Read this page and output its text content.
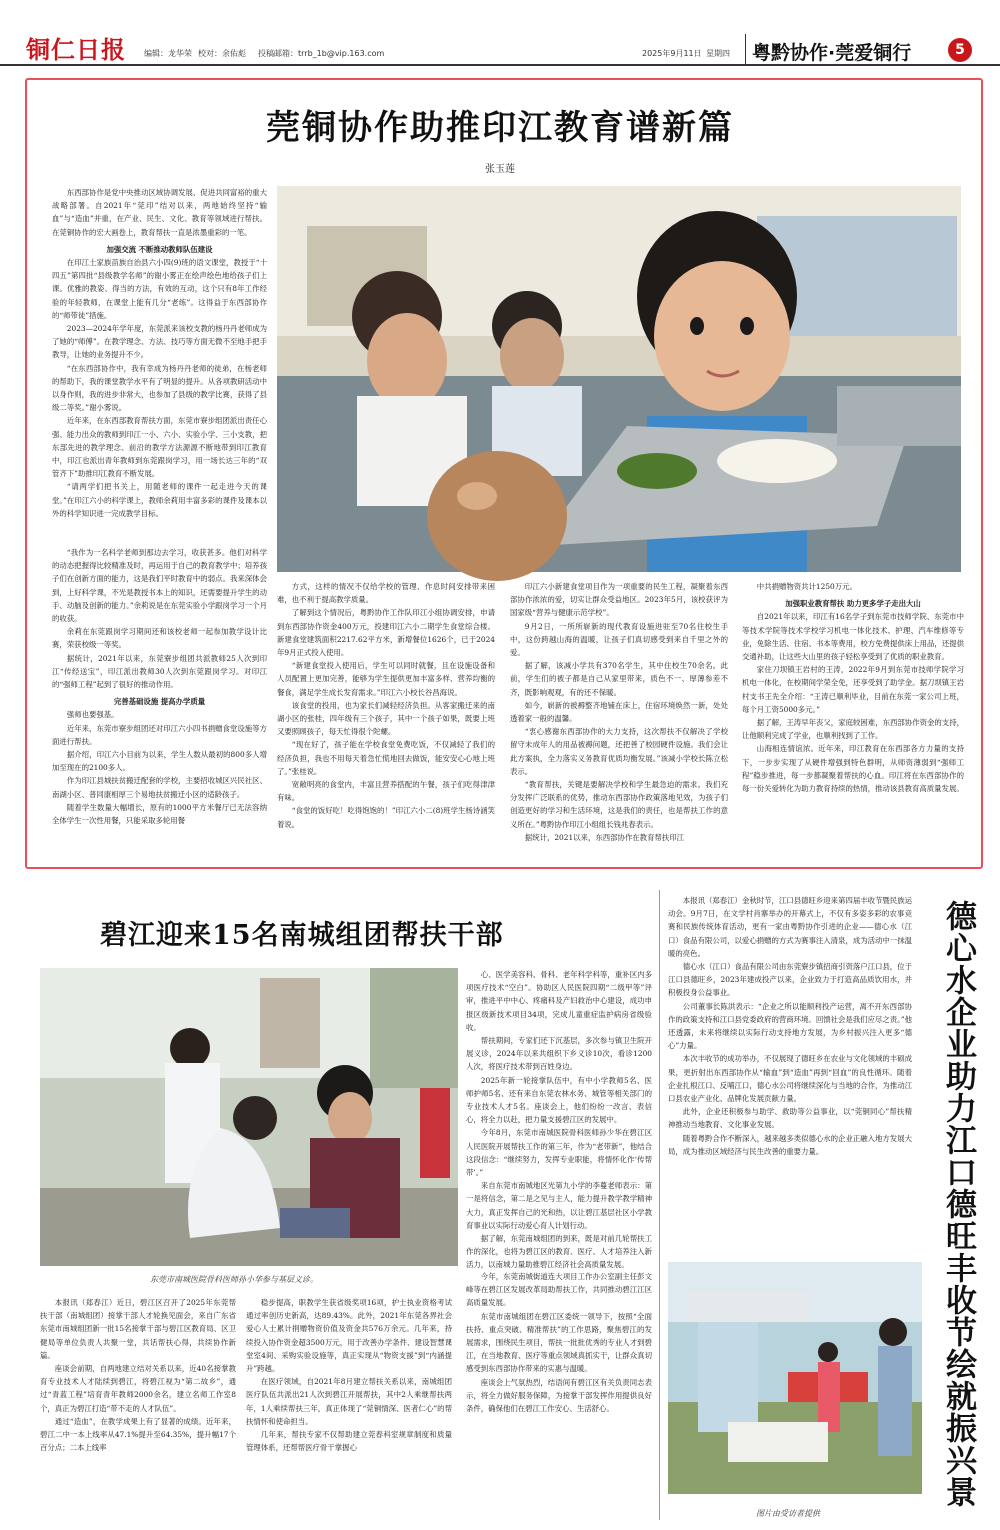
铜仁日报 编辑：龙华荣 校对：余佑彪 投稿邮箱：trrb_1b@vip.163.com	2025年9月11日 星期四 粤黔协作·莞爱铜行	5
莞铜协作助推印江教育谱新篇
张玉莲

东西部协作是党中央推动区域协调发展、促进共同富裕的重大战略部署。自2021年“莞印”结对以来，两地始终坚持“输血”与“造血”并重，在产业、民生、文化、教育等领域进行帮扶。在莞铜协作的宏大画卷上，教育帮扶一直是浓墨重彩的一笔。

加强交流 不断推动教师队伍建设

在印江土家族苗族自治县六小四(9)班的语文课堂，教授于“十四五”第四批“县级教学名师”的谢小雾正在绘声绘色地给孩子们上课。优雅的教姿、得当的方法，有效的互动，这个只有8年工作经验的年轻教师，在课堂上能有几分“老练”。这得益于东西部协作的“师带徒”措施。

2023—2024年学年度，东莞派来该校支教的杨丹丹老师成为了她的“师傅”。在教学理念、方法、技巧等方面无微不至地手把手教导，让她的业务提升不少。

“在东西部协作中，我有幸成为杨丹丹老师的徒弟，在杨老师的帮助下，我的课堂教学水平有了明显的提升。从各项教研活动中以身作则，我的进步非常大，也参加了县级的教学比赛，获得了县级二等奖。”谢小雾说。

近年来，在东西部教育帮扶方面，东莞市寮步组团派出责任心强、能力出众的教师到印江一小、六小、实验小学、三小支教，把东部先进的教学理念、前沿的教学方法源源不断地带到印江教育中，印江也派出青年教师到东莞跟岗学习，用一场长达三年的“双管齐下”助推印江教育不断发展。

“请两学们把书关上，用随老师的课件一起走进今天的课堂。”在印江六小的科学课上，教师余莉用丰富多彩的课件及课本以外的科学知识进一完成教学目标。

“我作为一名科学老师到那边去学习，收获甚多。他们对科学的动态把握得比较精准及时，再运用于自己的教育教学中；培养孩子们在创新方面的能力，这是我们平时教育中的弱点。我来深体会到，上好科学课，不光是教授书本上的知识，还需要提升学生的动手、动脑及创新的能力。”余莉说是在东莞实验小学跟岗学习一个月的收获。

余莉在东莞跟岗学习期间还和该校老师一起参加教学设计比赛，荣获校级一等奖。

据统计，2021年以来，东莞寮步组团共派教师25人次到印江“传经送宝”，印江派出教师30人次到东莞跟岗学习。对印江的“强师工程”起到了很好的推动作用。

完善基础设施 提高办学质量

强师也要强基。

近年来，东莞市寮步组团还对印江六小四书捐赠食堂设施等方面进行帮扶。

据介绍，印江六小目前为以来，学生人数从最初的800多人增加至现在的2100多人。

作为印江县城扶贫搬迁配套的学校，主要招收城区兴民社区、南湖小区、普同康相厚三个易地扶贫搬迁小区的适龄孩子。

随着学生数量大幅增长，原有的1000平方米餐厅已无法容纳全体学生一次性用餐，只能采取多轮用餐

方式，这样的情况不仅给学校的管理、作息时间安排带来困难，也不利于提高教学质量。

了解到这个情况后，粤黔协作工作队印江小组协调安排，申请到东西部协作资金400万元，投建印江六小二期学生食堂综合楼。新建食堂建筑面积2217.62平方米，新增餐位1626个，已于2024年9月正式投入使用。

“新建食堂投入使用后，学生可以同时就餐，且在设施设备和人员配置上更加完善，能够为学生提供更加丰富多样、营养均衡的餐食，满足学生成长发育需求。”印江六小校长谷昌海说。

该食堂的投用，也为家长们减轻经济负担。从客家搬迁来的南湖小区的张桂，四年级有三个孩子，其中一个孩子如果，既要上班又要照顾孩子，每天忙得很个陀螺。

“现在好了，孩子能在学校食堂免费吃饭，不仅减轻了我们的经济负担，我也不用每天着急忙慌地回去做饭，能安安心心地上班了。”张桂说。

宽敞明亮的食堂内，丰富且营养搭配的午餐，孩子们吃得津津有味。

“食堂的饭好吃！吃得饱饱的！”印江六小二(8)班学生杨诗涵笑着说。

印江六小新建食堂项目作为一项重要的民生工程，凝聚着东西部协作浓浓的爱，切实让群众受益地区。2023年5月，该校获评为国家级“营养与健康示范学校”。

9月2日，一所所崭新的现代教育设施进驻至70名住校生手中，这份跨越山海的温暖，让孩子们真切感受到来自千里之外的爱。

据了解，该减小学共有370名学生，其中住校生70余名。此前，学生们的被子都是自己从家里带来，质色不一、厚薄参差不齐，既影响观观，有的还不保暖。

如今，崭新的被褥整齐地铺在床上，住宿环境焕然一新，处处透着家一般的温馨。

“衷心感谢东西部协作的大力支持，这次帮扶不仅解决了学校留守未成年人的用品被褥问题，还把善了校园硬件设施。我们会让此方案执，全力落实义务教育优质均衡发展。”该减小学校长陈立松表示。

“教育帮扶，关键是要解决学校和学生最急迫的需求。我们充分发挥广泛联系的优势，推动东西部协作政策落地见效，为孩子们创造更好的学习和生活环境，这是我们的责任，也是帮扶工作的意义所在。”粤黔协作印江小组组长钱兆春表示。

据统计，2021以来，东西部协作在教育帮扶印江

中共捐赠物资共计1250万元。

加强职业教育帮扶 助力更多学子走出大山

自2021年以来，印江有16名学子到东莞市技师学院、东莞市中等技术学院等技术学校学习机电一体化技术、护理、汽车维修等专业，免除生活、住宿、书本等费用，校方免费提供床上用品，还提供交通补助，让这些大山里的孩子轻松享受到了优质的职业教育。

家住刀坝镇王岩村的王涛，2022年9月到东莞市技师学院学习机电一体化，在校期间学荣全免，还享受到了助学金。据刀坝镇王岩村支书王先全介绍：“王涛已顺利毕业，目前在东莞一家公司上班，每个月工资5000多元。”

据了解，王涛早年丧父，家庭较困难，东西部协作资金的支持，让他顺利完成了学业，也顺利找到了工作。

山海相连情谊浓。近年来，印江教育在东西部各方力量的支持下，一步步实现了从硬件增强到特色群明，从师资薄弱到“强师工程”稳步推进，每一步都凝聚着帮扶的心血。印江将在东西部协作的每一份关爱转化为助力教育持续的热情，推动该县教育高质量发展。

碧江迎来15名南城组团帮扶干部
东莞市南城医院骨科医师孙小华参与基层义诊。

心、医学美容科、骨科、老年科学科等，重补区内多项医疗技术“空白”。协助区人民医院四期“二级甲等”评审，推进平中中心、疼痛科及产妇救治中心建设，成功申报区级新技术项目34项，完成儿童重症监护病房省级验收。

帮扶期间，专家们还下沉基层，多次参与镇卫生院开展义诊，2024年以来共组织下乡义诊10次，看诊1200人次，将医疗技术带到百姓身边。

2025年新一轮接掌队伍中，有中小学教师5名、医师护师5名、还有来自东莞农林水务、城管等相关部门的专业技术人才5名。座谈会上，他们纷纷一改言、表信心，将全力以赴，把力量支援碧江区的发展中。

今年8月，东莞市南城医院骨科医师孙少华在碧江区人民医院开展帮扶工作的第三年，作为“老带新”，他结合这段信念：“继续努力，发挥专业职能，将情怀化作‘传帮带’。”

来自东莞市南城地区光第九小学的李蔓老师表示：第一是将信念，第二是之见与主人，能力提升教学教学精神大力，真正发挥自己的光和热，以让碧江基层社区小学教育事业以实际行动爱心育人计划行动。

据了解，东莞南城组团的到来，既是对前几轮帮扶工作的深化，也将为碧江区的教育、医疗、人才培养注入新活力，以南城力量助推碧江经济社会高质量发展。

本报讯（郑春江）近日，碧江区召开了2025年东莞帮扶干部（南城组团）接掌干部人才轮换见面会，来自广东省东莞市南城组团新一批15名接掌干部与碧江区教育局、区卫健局等单位负责人共聚一堂，共话帮扶心得，共续协作新篇。

座谈会前期，自两地建立结对关系以来，近40名接掌教育专业技术人才陆续到碧江，将碧江视为“第二故乡”，通过“青蓝工程”培育青年教师2000余名，建立名师工作室8个，真正为碧江打造“带不走的人才队伍”。

通过“造血”，在教学成果上有了显著的成绩。近年来，碧江二中一本上线率从47.1%提升至64.35%，提升幅17个百分点；二本上线率

稳步提高，职教学生获省级奖项16项，护士执业资格考试通过率创历史新高，达89.43%。此外，2021年东莞各界社会爱心人士累计捐赠物资价值及资金共576万余元。几年来，持续投入协作资金超3500万元，用于改善办学条件、建设智慧课堂室4间、采购实验设施等，真正实现从“物资支援”到“内涵提升”跨越。

在医疗领域，自2021年8月建立帮扶关系以来，南城组团医疗队伍共派出21人次到碧江开展帮扶，其中2人乘继帮扶两年，1人乘续帮扶三年，真正体现了“莞铜情深、医者仁心”的帮扶情怀和使命担当。

几年来，帮扶专家不仅帮助建立莞春科室规章制度和质量管理体系，还帮帮医疗骨干掌握心

今年，东莞南城街道连大项目工作办公室副主任彭文峰等在碧江区发展改革局助帮扶工作，共同推动碧江江区高质量发展。

东莞市南城组团在碧江区委统一领导下，按照“全面扶持、重点突破、精准帮扶”的工作思路，聚焦碧江的发展需求，围绕民生项目，帮扶一批批优秀的专业人才到碧江，在当地教育、医疗等重点领域真抓实干，让群众真切感受到东西部协作带来的实惠与温暖。

座谈会上气氛热烈，结语间有碧江区有关负责同志表示，将全力做好服务保障，为接掌干部发挥作用提供良好条件，确保他们在碧江工作安心、生活舒心。

本报讯（郑春江）金秋时节，江口县德旺乡迎来第四届丰收节暨民族运动会。9月7日，在文学村肖寨举办的开幕式上，不仅有多姿多彩的农事竞赛和民族传统体育活动，更有一家由粤黔协作引进的企业——德心水（江口）食品有限公司，以爱心捐赠的方式为赛事注入清泉，成为活动中一抹温暖的亮色。

德心水（江口）食品有限公司由东莞寮步镇招商引资落户江口县，位于江口县德旺乡，2023年建成投产以来，企业致力于打造高品质饮用水，并积极投身公益事业。

公司董事长陈洪表示：“企业之所以能顺利投产运营，离不开东西部协作的政策支持和江口县党委政府的营商环境。回馈社会是我们应尽之责。”他还透露，未来将继续以实际行动支持地方发展，为乡村振兴注入更多“德心”力量。

本次丰收节的成功举办，不仅展现了德旺乡在农业与文化领域的丰硕成果，更折射出东西部协作从“输血”到“造血”再到“回血”的良性循环。随着企业扎根江口、反哺江口，德心水公司将继续深化与当地的合作，为推动江口县农业产业化、品牌化发展贡献力量。

此外，企业还积极参与助学、救助等公益事业，以“莞铜同心”帮扶精神推动当地教育、文化事业发展。

随着粤黔合作不断深入，越来越多类似德心水的企业正融入地方发展大局，成为推动区域经济与民生改善的重要力量。	德心水企业助力江口德旺丰收节绘就振兴景
图片由受访者提供
